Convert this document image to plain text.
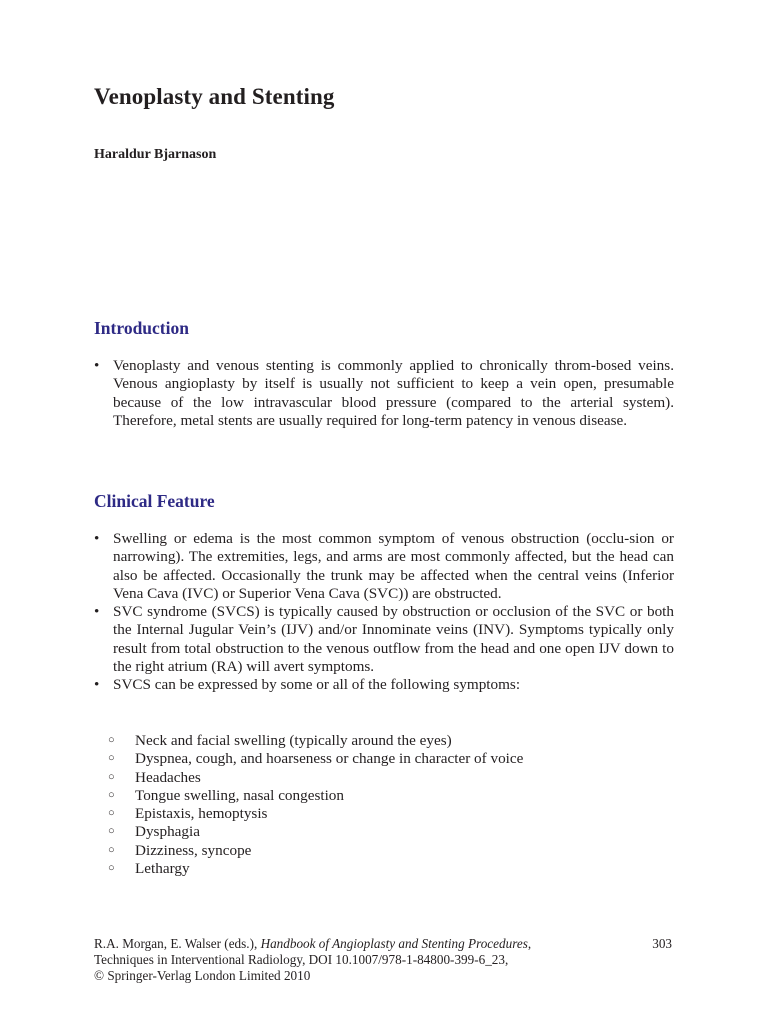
Venoplasty and Stenting

Haraldur Bjarnason

Introduction
• Venoplasty and venous stenting is commonly applied to chronically throm-bosed veins. Venous angioplasty by itself is usually not sufficient to keep a vein open, presumable because of the low intravascular blood pressure (compared to the arterial system). Therefore, metal stents are usually required for long-term patency in venous disease.
Clinical Feature
• Swelling or edema is the most common symptom of venous obstruction (occlu-sion or narrowing). The extremities, legs, and arms are most commonly affected, but the head can also be affected. Occasionally the trunk may be affected when the central veins (Inferior Vena Cava (IVC) or Superior Vena Cava (SVC)) are obstructed.
• SVC syndrome (SVCS) is typically caused by obstruction or occlusion of the SVC or both the Internal Jugular Vein’s (IJV) and/or Innominate veins (INV). Symptoms typically only result from total obstruction to the venous outflow from the head and one open IJV down to the right atrium (RA) will avert symptoms.
• SVCS can be expressed by some or all of the following symptoms:
○ Neck and facial swelling (typically around the eyes)
○ Dyspnea, cough, and hoarseness or change in character of voice
○ Headaches
○ Tongue swelling, nasal congestion
○ Epistaxis, hemoptysis
○ Dysphagia
○ Dizziness, syncope
○ Lethargy
303

R.A. Morgan, E. Walser (eds.), Handbook of Angioplasty and Stenting Procedures,

Techniques in Interventional Radiology, DOI 10.1007/978-1-84800-399-6_23,

© Springer-Verlag London Limited 2010
